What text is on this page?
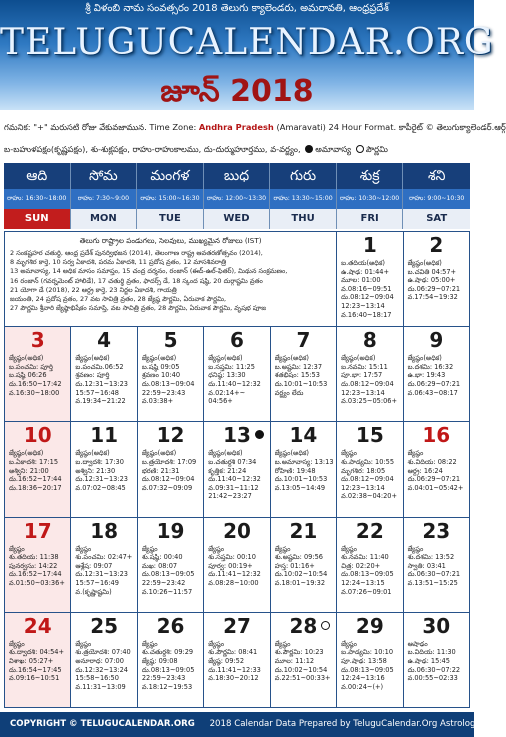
శ్రీ విళంబి నామ సంవత్సరం 2018 తెలుగు క్యాలెండరు, అమరావతి, ఆంధ్రప్రదేశ్
TELUGUCALENDAR.ORG
జూన్ 2018
గమనిక: "+" మరుసటి రోజు వేకువజామున. Time Zone: Andhra Pradesh (Amaravati) 24 Hour Format. కాపీరైట్ © తెలుగుక్యాలెండర్.ఆర్గ్
బ-బహుళపక్షం(కృష్ణపక్షం), శు-శుక్లపక్షం, రాహు-రాహుకాలము, దు-దుర్ముహూర్తము, వ-వర్జ్యం, అమావాస్య పౌర్ణమి
ఆది
రాహు: 16:30~18:00
SUN
సోమ
రాహు: 7:30~9:00
MON
మంగళ
రాహు: 15:00~16:30
TUE
బుధ
రాహు: 12:00~13:30
WED
గురు
రాహు: 13:30~15:00
THU
శుక్ర
రాహు: 10:30~12:00
FRI
శని
రాహు: 9:00~10:30
SAT
తెలుగు రాష్ట్రాల పండుగలు, సెలవులు, ముఖ్యమైన రోజులు (IST)
2 సంకష్టహర చతుర్థి, ఆంధ్ర ప్రదేశ్ పునర్విభజన (2014), తెలంగాణ రాష్ట్ర ఆవతరణోత్సవం (2014),
8 మృగశిర కార్తె, 10 సర్వ ఏకాదశి, పరమ ఏకాదశి, 11 ప్రదోష వ్రతం, 12 మాసశివరాత్రి
13 అమావాస్య, 14 అధిక మాసం సమాప్తం, 15 చంద్ర దర్శనం, రంజాన్ (ఈద్-ఉల్-ఫితర్), మిథున సంక్రమణం,
16 రంజాన్ (గవర్నమెంట్ హాలిడే), 17 చతుర్థి వ్రతం, ఫాదర్స్ డే, 18 స్కంద షష్ఠి, 20 దుర్గాష్టమి వ్రతం
21 యోగా డే (2018), 22 ఆర్ద్ర కార్తె, 23 నిర్జల ఏకాదశి, గాయత్రి
జయంతి, 24 ప్రదోష వ్రతం, 27 వట సావిత్రి వ్రతం, 28 జ్యేష్ఠ పౌర్ణమి, ఏరువాక పౌర్ణమి,
27 పౌర్ణమి శ్రీవారి జ్యేష్ఠాభిషేకం సమాప్తి, వట సావిత్రి వ్రతం, 28 పౌర్ణమి, ఏరువాక పౌర్ణమి, వృషభ పూజ
1
బ.తదియ(అధిక)
ఉ.షాఢ: 01:44+
మూల: 01:00
వ.08:16~09:51
దు.08:12~09:04
12:23~13:14
వ.16:40~18:17
2
జ్యేష్ఠం(అధిక)
బ.చవితి 04:57+
ఉ.షాఢ: 05:00+
దు.06:29~07:21
వ.17:54~19:32
3
జ్యేష్ఠం(అధిక)
బ.పంచమి: పూర్తి
బ.షష్ఠి 06:26
దు.16:50~17:42
వ.16:30~18:00
4
జ్యేష్ఠం(అధిక)
బ.పంచమి.06:52
శ్రవణం: పూర్తి
దు.12:31~13:23
15:57~16:48
వ.19:34~21:22
5
జ్యేష్ఠం(అధిక)
బ.షష్ఠి 09:05
శ్రవణం 10:40
దు.08:13~09:04
22:59~23:43
వ.03:38+
6
జ్యేష్ఠం(అధిక)
బ.సప్తమి: 11:25
ధనిష్ఠ: 13:30
దు.11:40~12:32
వ.02:14+~
04:56+
7
జ్యేష్ఠం(అధిక)
బ.అష్టమి: 12:37
శతభిషం: 15:53
దు.10:01~10:53
వర్జ్యం లేదు
8
జ్యేష్ఠం(అధిక)
బ.నవమి: 15:11
పూ.భా: 17:57
దు.08:12~09:04
12:23~13:14
వ.03:25~05:06+
9
జ్యేష్ఠం(అధిక)
బ.దశమి: 16:32
ఉ.భా: 19:43
దు.06:29~07:21
వ.06:43~08:17
10
జ్యేష్ఠం(అధిక)
బ.ఏకాదశి: 17:15
అశ్విని: 21:00
దు.16:52~17:44
దు.18:36~20:17
11
జ్యేష్ఠం(అధిక)
బ.ద్వాదశి: 17:30
అశ్విని: 21:30
దు.12:31~13:23
వ.07:02~08:45
12
జ్యేష్ఠం(అధిక)
బ.త్రయోదశి: 17:09
భరణి: 21:31
దు.08:12~09:04
వ.07:32~09:09
13
జ్యేష్ఠం(అధిక)
బ.చతుర్దశి 07:34
కృత్తిక: 21:24
దు.11:40~12:32
వ.09:31~11:12
21:42~23:27
14
జ్యేష్ఠం(అధిక)
బ.అమావాస్య: 13:13
రోహిణి: 19:48
దు.10:01~10:53
వ.13:05~14:49
15
జ్యేష్ఠం
శు.పాడ్యమి: 10:55
మృగశిర: 18:05
దు.08:12~09:04
12:23~13:14
వ.02:38~04:20+
16
జ్యేష్ఠం
శు.విదియ: 08:22
ఆర్ద్ర: 16:24
దు.06:29~07:21
వ.04:01~05:42+
17
జ్యేష్ఠం
శు.తదియ: 11:38
పునర్వసు: 14:22
దు.16:52~17:44
వ.01:50~03:36+
18
జ్యేష్ఠం
శు.పంచమి: 02:47+
ఆశ్లేష: 09:07
దు.12:31~13:23
15:57~16:49
వ.(కృష్ణాష్టమి)
19
జ్యేష్ఠం
శు.షష్ఠి: 00:40
మఖ: 08:07
దు.08:13~09:05
22:59~23:42
వ.10:26~11:57
20
జ్యేష్ఠం
శు.సప్తమి: 00:10
పూర్వ: 00:19+
దు.11:41~12:32
వ.08:28~10:00
21
జ్యేష్ఠం
శు.అష్టమి: 09:56
హస్త: 01:16+
దు.10:02~10:54
వ.18:01~19:32
22
జ్యేష్ఠం
శు.నవమి: 11:40
చిత్ర: 02:20+
దు.08:13~09:05
12:24~13:15
వ.07:26~09:01
23
జ్యేష్ఠం
శు.దశమి: 13:52
స్వాతి: 03:41
దు.06:30~07:21
వ.13:51~15:25
24
జ్యేష్ఠం
శు.ద్వాదశి: 04:54+
విశాఖ: 05:27+
దు.16:54~17:45
వ.09:16~10:51
25
జ్యేష్ఠం
శు.త్రయోదశి: 07:40
అనూరాధ: 07:00
దు.12:32~13:24
15:58~16:50
వ.11:31~13:09
26
జ్యేష్ఠం
శు.చతుర్దశి: 09:29
జ్యేష్ఠ: 09:08
దు.08:13~09:05
22:59~23:43
వ.18:12~19:53
27
జ్యేష్ఠం
శు.పౌర్ణమి: 08:41
జ్యేష్ఠ: 09:52
దు.11:41~12:33
వ.18:30~20:12
28
జ్యేష్ఠం
శు.పౌర్ణమి: 10:23
మూల: 11:12
దు.10:02~10:54
వ.22:51~00:33+
29
జ్యేష్ఠం
బ.పాడ్యమి: 10:10
పూ.షాఢ: 13:58
దు.08:13~09:05
12:24~13:16
వ.00:24~(+)
30
ఆషాఢం
బ.విదియ: 11:30
ఉ.షాఢ: 15:45
దు.06:30~07:22
వ.00:55~02:33
COPYRIGHT © TELUGUCALENDAR.ORG 2018 Calendar Data Prepared by TeluguCalendar.Org Astrology Team
